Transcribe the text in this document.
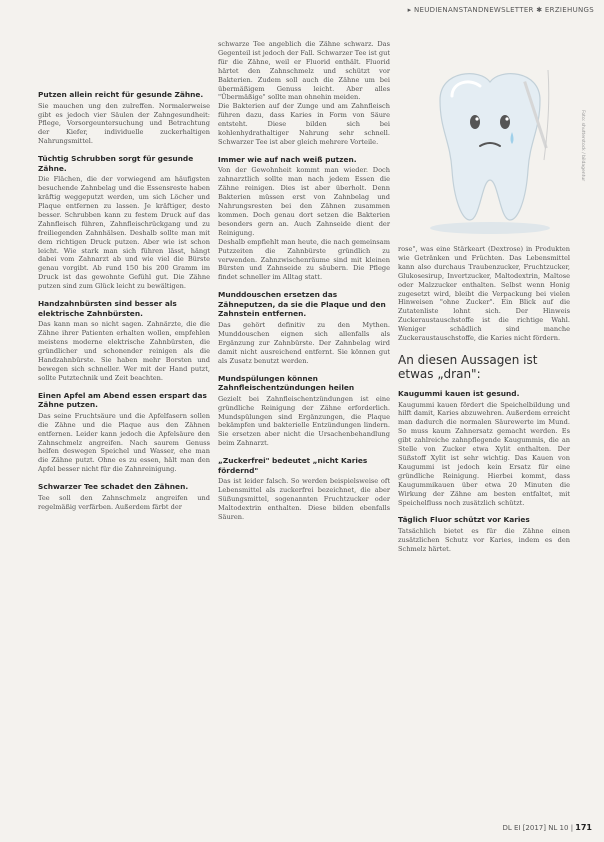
▸ NEUDIENANSTANDNEWSLETTER ✱ ERZIEHUNGS
Foto: shutterstock / bildagentur
Putzen allein reicht für gesunde Zähne.

Sie mauchen ung den zulreffen. Normalerweise gibt es jedoch vier Säulen der Zahngesundheit: Pflege, Vorsorgeuntersuchung und Betrachtung der Kiefer, individuelle zuckerhaltigen Nahrungsmittel.

Tüchtig Schrubben sorgt für gesunde Zähne.

Die Flächen, die der vorwiegend am häufigsten besuchende Zahnbelag und die Essensreste haben kräftig weggeputzt werden, um sich Löcher und Plaque entfernen zu lassen. Je kräftiger, desto besser. Schrubben kann zu festem Druck auf das Zahnfleisch führen, Zahnfleischrückgang und zu freiliegenden Zahnhälsen. Deshalb sollte man mit dem richtigen Druck putzen. Aber wie ist schon leicht. Wie stark man sich führen lässt, hängt dabei vom Zahnarzt ab und wie viel die Bürste genau vorgibt. Ab rund 150 bis 200 Gramm im Druck ist das gewohnte Gefühl gut. Die Zähne putzen sind zum Glück leicht zu bewältigen.

Handzahnbürsten sind besser als elektrische Zahnbürsten.

Das kann man so nicht sagen. Zahnärzte, die die Zähne ihrer Patienten erhalten wollen, empfehlen meistens moderne elektrische Zahnbürsten, die gründlicher und schonender reinigen als die Handzahnbürste. Sie haben mehr Borsten und bewegen sich schneller. Wer mit der Hand putzt, sollte Putztechnik und Zeit beachten.

Einen Apfel am Abend essen erspart das Zähne putzen.

Das seine Fruchtsäure und die Apfelfasern sollen die Zähne und die Plaque aus den Zähnen entfernen. Leider kann jedoch die Apfelsäure den Zahnschmelz angreifen. Nach saurem Genuss helfen deswegen Speichel und Wasser, ehe man die Zähne putzt. Ohne es zu essen, hält man den Apfel besser nicht für die Zahnreinigung.

Schwarzer Tee schadet den Zähnen.

Tee soll den Zahnschmelz angreifen und regelmäßig verfärben. Außerdem färbt der

schwarze Tee angeblich die Zähne schwarz. Das Gegenteil ist jedoch der Fall. Schwarzer Tee ist gut für die Zähne, weil er Fluorid enthält. Fluorid härtet den Zahnschmelz und schützt vor Bakterien. Zudem soll auch die Zähne um bei übermäßigem Genuss leicht. Aber alles "Übermäßige" sollte man ohnehin meiden.

Die Bakterien auf der Zunge und am Zahnfleisch führen dazu, dass Karies in Form von Säure entsteht. Diese bilden sich bei kohlenhydrathaltiger Nahrung sehr schnell. Schwarzer Tee ist aber gleich mehrere Vorteile.

Immer wie auf nach weiß putzen.

Von der Gewohnheit kommt man wieder. Doch zahnarztlich sollte man nach jedem Essen die Zähne reinigen. Dies ist aber überholt. Denn Bakterien müssen erst von Zahnbelag und Nahrungsresten bei den Zähnen zusammen kommen. Doch genau dort setzen die Bakterien besonders gern an. Auch Zahnseide dient der Reinigung.

Deshalb empfiehlt man heute, die nach gemeinsam Putzzeiten die Zahnbürste gründlich zu verwenden. Zahnzwischenräume sind mit kleinen Bürsten und Zahnseide zu säubern. Die Pflege findet schneller im Alltag statt.

Munddouschen ersetzen das Zähneputzen, da sie die Plaque und den Zahnstein entfernen.

Das gehört definitiv zu den Mythen. Munddouschen eignen sich allenfalls als Ergänzung zur Zahnbürste. Der Zahnbelag wird damit nicht ausreichend entfernt. Sie können gut als Zusatz benutzt werden.

Mundspülungen können Zahnfleischentzündungen heilen

Gezielt bei Zahnfleischentzündungen ist eine gründliche Reinigung der Zähne erforderlich. Mundspülungen sind Ergänzungen, die Plaque bekämpfen und bakterielle Entzündungen lindern. Sie ersetzen aber nicht die Ursachenbehandlung beim Zahnarzt.

„Zuckerfrei" bedeutet „nicht Karies fördernd"

Das ist leider falsch. So werden beispielsweise oft Lebensmittel als zuckerfrei bezeichnet, die aber Süßungsmittel, sogenannten Fruchtzucker oder Maltodextrin enthalten. Diese bilden ebenfalls Säuren.

rose", was eine Stärkeart (Dextrose) in Produkten wie Getränken und Früchten. Das Lebensmittel kann also durchaus Traubenzucker, Fruchtzucker, Glukosesirup, Invertzucker, Maltodextrin, Maltose oder Malzzucker enthalten. Selbst wenn Honig zugesetzt wird, bleibt die Verpackung bei vielen Hinweisen "ohne Zucker". Ein Blick auf die Zutatenliste lohnt sich. Der Hinweis Zuckeraustauschstoffe ist die richtige Wahl. Weniger schädlich sind manche Zuckeraustauschstoffe, die Karies nicht fördern.

An diesen Aussagen ist etwas „dran":
Kaugummi kauen ist gesund.

Kaugummi kauen fördert die Speichelbildung und hilft damit, Karies abzuwehren. Außerdem erreicht man dadurch die normalen Säurewerte im Mund. So muss kaum Zahnersatz gemacht werden. Es gibt zahlreiche zahnpflegende Kaugummis, die an Stelle von Zucker etwa Xylit enthalten. Der Süßstoff Xylit ist sehr wichtig. Das Kauen von Kaugummi ist jedoch kein Ersatz für eine gründliche Reinigung. Hierbei kommt, dass Kaugummikauen über etwa 20 Minuten die Wirkung der Zähne am besten entfaltet, mit Speichelfluss noch zusätzlich schützt.

Täglich Fluor schützt vor Karies

Tatsächlich bietet es für die Zähne einen zusätzlichen Schutz vor Karies, indem es den Schmelz härtet.

DL EI [2017] NL 10 | 171
